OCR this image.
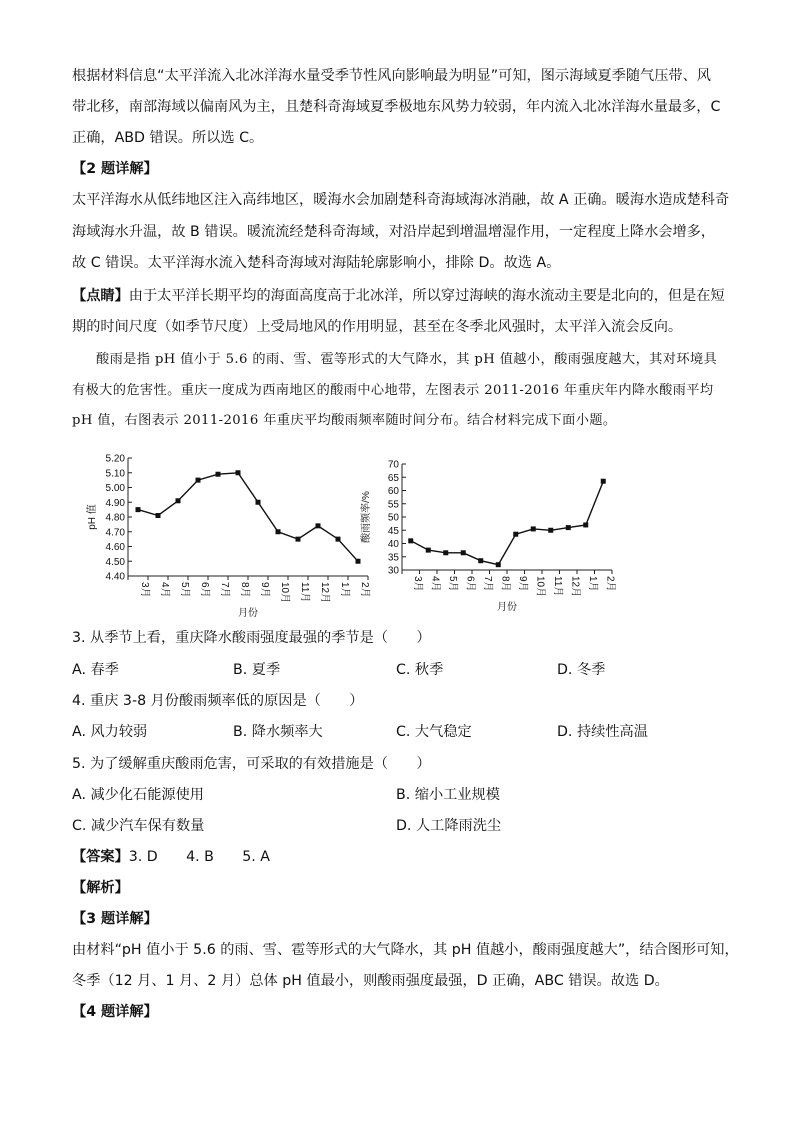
根据材料信息“太平洋流入北冰洋海水量受季节性风向影响最为明显”可知，图示海域夏季随气压带、风
带北移，南部海域以偏南风为主，且楚科奇海域夏季极地东风势力较弱，年内流入北冰洋海水量最多，C
正确，ABD 错误。所以选 C。
【2 题详解】
太平洋海水从低纬地区注入高纬地区，暖海水会加剧楚科奇海域海冰消融，故 A 正确。暖海水造成楚科奇
海域海水升温，故 B 错误。暖流流经楚科奇海域，对沿岸起到增温增湿作用，一定程度上降水会增多，
故 C 错误。太平洋海水流入楚科奇海域对海陆轮廓影响小，排除 D。故选 A。
【点睛】由于太平洋长期平均的海面高度高于北冰洋，所以穿过海峡的海水流动主要是北向的，但是在短
期的时间尺度（如季节尺度）上受局地风的作用明显，甚至在冬季北风强时，太平洋入流会反向。
酸雨是指 pH 值小于 5.6 的雨、雪、雹等形式的大气降水，其 pH 值越小，酸雨强度越大，其对环境具
有极大的危害性。重庆一度成为西南地区的酸雨中心地带，左图表示 2011-2016 年重庆年内降水酸雨平均
pH 值，右图表示 2011-2016 年重庆平均酸雨频率随时间分布。结合材料完成下面小题。
4.40
4.50
4.60
4.70
4.80
4.90
5.00
5.10
5.20
3月 4月 5月 6月 7月 8月 9月 10月 11月 12月 1月 2月
月份
pH 值
30
35
40
45
50
55
60
65
70
3月 4月 5月 6月 7月 8月 9月 10月 11月 12月 1月 2月
月份
酸雨频率/%
3. 从季节上看，重庆降水酸雨强度最强的季节是（　　）
A. 春季	B. 夏季	C. 秋季	D. 冬季
4. 重庆 3-8 月份酸雨频率低的原因是（　　）
A. 风力较弱	B. 降水频率大	C. 大气稳定	D. 持续性高温
5. 为了缓解重庆酸雨危害，可采取的有效措施是（　　）
A. 减少化石能源使用	B. 缩小工业规模
C. 减少汽车保有数量	D. 人工降雨洗尘
【答案】3. D　　4. B　　5. A
【解析】
【3 题详解】
由材料“pH 值小于 5.6 的雨、雪、雹等形式的大气降水，其 pH 值越小，酸雨强度越大”，结合图形可知，
冬季（12 月、1 月、2 月）总体 pH 值最小，则酸雨强度最强，D 正确，ABC 错误。故选 D。
【4 题详解】
